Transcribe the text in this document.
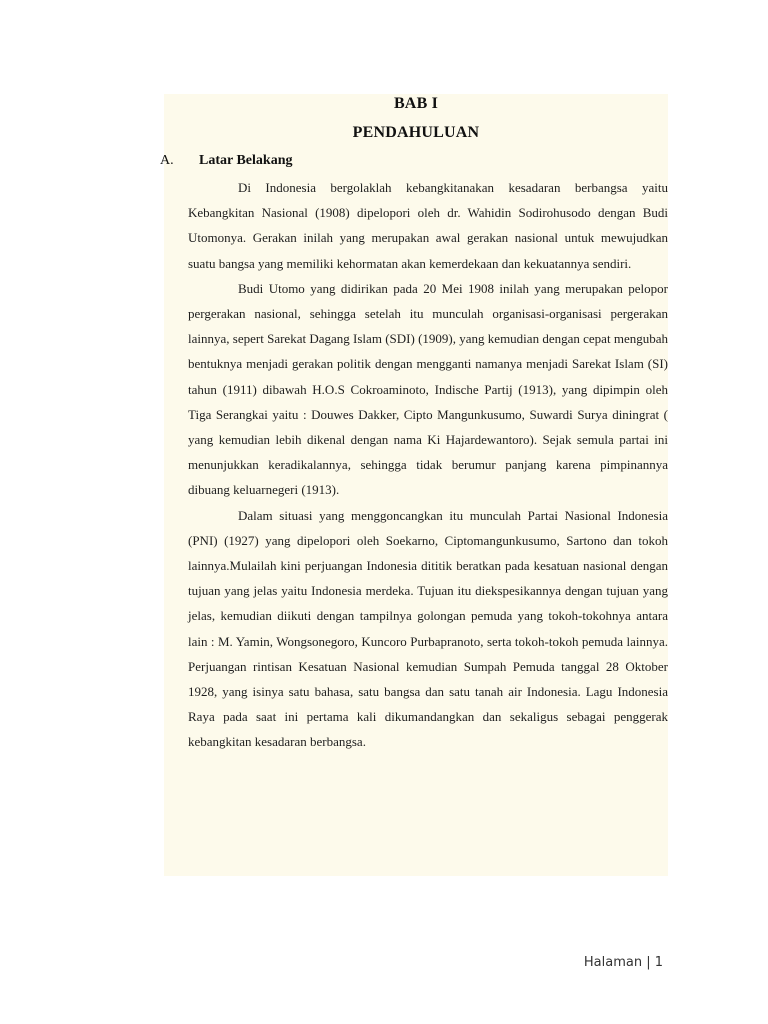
BAB I
PENDAHULUAN
A. Latar Belakang

Di Indonesia bergolaklah kebangkitanakan kesadaran berbangsa yaitu Kebangkitan Nasional (1908) dipelopori oleh dr. Wahidin Sodirohusodo dengan Budi Utomonya. Gerakan inilah yang merupakan awal gerakan nasional untuk mewujudkan suatu bangsa yang memiliki kehormatan akan kemerdekaan dan kekuatannya sendiri.

Budi Utomo yang didirikan pada 20 Mei 1908 inilah yang merupakan pelopor pergerakan nasional, sehingga setelah itu munculah organisasi-organisasi pergerakan lainnya, sepert Sarekat Dagang Islam (SDI) (1909), yang kemudian dengan cepat mengubah bentuknya menjadi gerakan politik dengan mengganti namanya menjadi Sarekat Islam (SI) tahun (1911) dibawah H.O.S Cokroaminoto, Indische Partij (1913), yang dipimpin oleh Tiga Serangkai yaitu : Douwes Dakker, Cipto Mangunkusumo, Suwardi Surya diningrat ( yang kemudian lebih dikenal dengan nama Ki Hajardewantoro). Sejak semula partai ini menunjukkan keradikalannya, sehingga tidak berumur panjang karena pimpinannya dibuang keluarnegeri (1913).

Dalam situasi yang menggoncangkan itu munculah Partai Nasional Indonesia (PNI) (1927) yang dipelopori oleh Soekarno, Ciptomangunkusumo, Sartono dan tokoh lainnya.Mulailah kini perjuangan Indonesia dititik beratkan pada kesatuan nasional dengan tujuan yang jelas yaitu Indonesia merdeka. Tujuan itu diekspesikannya dengan tujuan yang jelas, kemudian diikuti dengan tampilnya golongan pemuda yang tokoh-tokohnya antara lain : M. Yamin, Wongsonegoro, Kuncoro Purbapranoto, serta tokoh-tokoh pemuda lainnya. Perjuangan rintisan Kesatuan Nasional kemudian Sumpah Pemuda tanggal 28 Oktober 1928, yang isinya satu bahasa, satu bangsa dan satu tanah air Indonesia. Lagu Indonesia Raya pada saat ini pertama kali dikumandangkan dan sekaligus sebagai penggerak kebangkitan kesadaran berbangsa.

Halaman | 1
